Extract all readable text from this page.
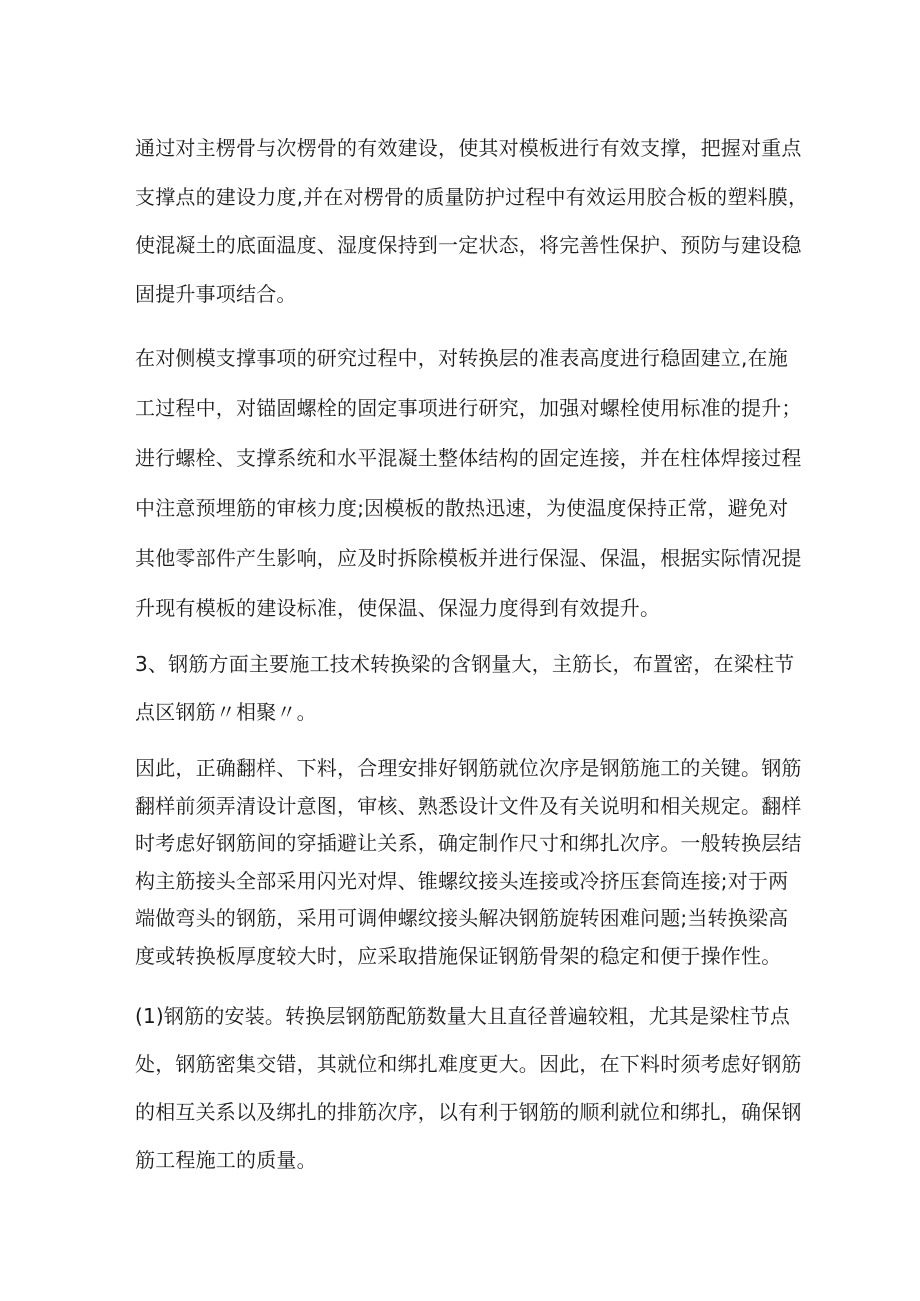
通过对主楞骨与次楞骨的有效建设，使其对模板进行有效支撑，把握对重点
支撑点的建设力度,并在对楞骨的质量防护过程中有效运用胶合板的塑料膜，
使混凝土的底面温度、湿度保持到一定状态，将完善性保护、预防与建设稳
固提升事项结合。
在对侧模支撑事项的研究过程中，对转换层的准表高度进行稳固建立,在施
工过程中，对锚固螺栓的固定事项进行研究，加强对螺栓使用标准的提升；
进行螺栓、支撑系统和水平混凝土整体结构的固定连接，并在柱体焊接过程
中注意预埋筋的审核力度;因模板的散热迅速，为使温度保持正常，避免对
其他零部件产生影响，应及时拆除模板并进行保湿、保温，根据实际情况提
升现有模板的建设标准，使保温、保湿力度得到有效提升。
3、钢筋方面主要施工技术转换梁的含钢量大，主筋长，布置密，在梁柱节
点区钢筋〃相聚〃。
因此，正确翻样、下料，合理安排好钢筋就位次序是钢筋施工的关键。钢筋
翻样前须弄清设计意图，审核、熟悉设计文件及有关说明和相关规定。翻样
时考虑好钢筋间的穿插避让关系，确定制作尺寸和绑扎次序。一般转换层结
构主筋接头全部采用闪光对焊、锥螺纹接头连接或冷挤压套筒连接;对于两
端做弯头的钢筋，采用可调伸螺纹接头解决钢筋旋转困难问题;当转换梁高
度或转换板厚度较大时，应采取措施保证钢筋骨架的稳定和便于操作性。
(1)钢筋的安装。转换层钢筋配筋数量大且直径普遍较粗，尤其是梁柱节点
处，钢筋密集交错，其就位和绑扎难度更大。因此，在下料时须考虑好钢筋
的相互关系以及绑扎的排筋次序，以有利于钢筋的顺利就位和绑扎，确保钢
筋工程施工的质量。
